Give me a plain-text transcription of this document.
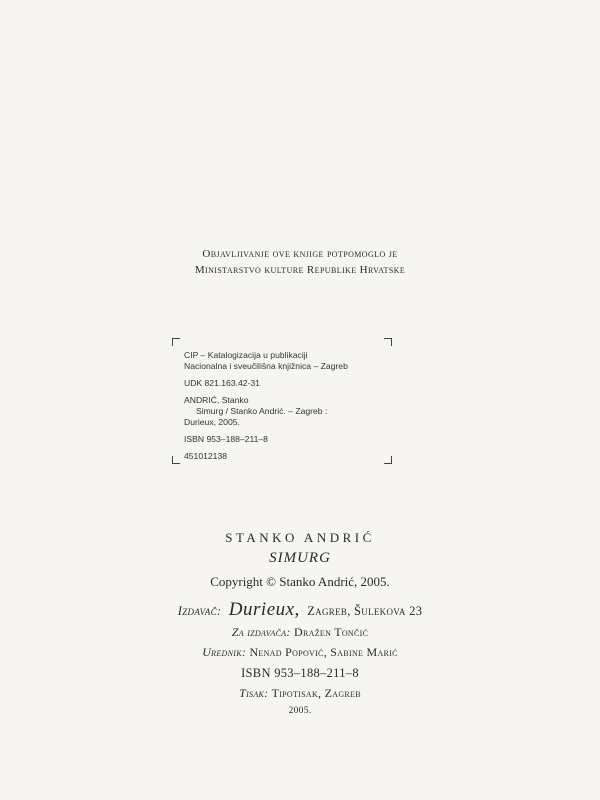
Objavljivanje ove knjige potpomoglo je
Ministarstvo kulture Republike Hrvatske
CIP – Katalogizacija u publikaciji
Nacionalna i sveučilišna knjižnica – Zagreb
UDK 821.163.42-31
ANDRIĆ, Stanko
Simurg / Stanko Andrić. – Zagreb :
Durieux, 2005.
ISBN 953–188–211–8
451012138
STANKO ANDRIĆ
SIMURG
Copyright © Stanko Andrić, 2005.
Izdavač: Durieux, Zagreb, Šulekova 23
Za izdavača: Dražen Tončić
Urednik: Nenad Popović, Sabine Marić
ISBN 953–188–211–8
Tisak: Tipotisak, Zagreb
2005.
